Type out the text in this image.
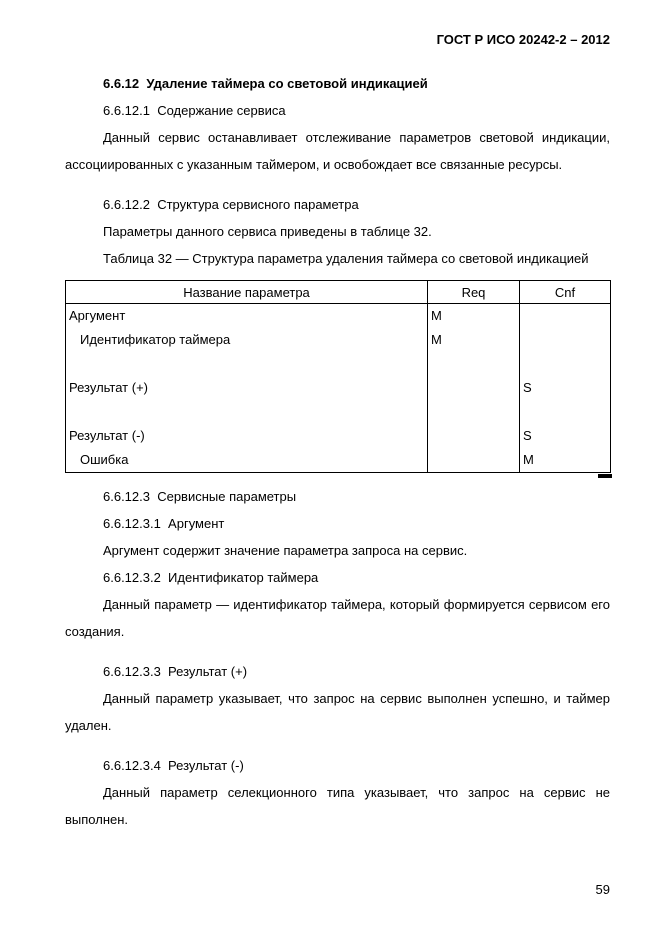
ГОСТ Р ИСО 20242-2 – 2012

6.6.12  Удаление таймера со световой индикацией

6.6.12.1  Содержание сервиса

Данный сервис останавливает отслеживание параметров световой индикации, ассоциированных с указанным таймером, и освобождает все связанные ресурсы.

6.6.12.2  Структура сервисного параметра

Параметры данного сервиса приведены в таблице 32.

Таблица 32 — Структура параметра удаления таймера со световой индикацией

Название параметра	Req	Cnf
Аргумент	M	
Идентификатор таймера	M	

Результат (+)		S

Результат (-)		S
Ошибка		M

6.6.12.3  Сервисные параметры

6.6.12.3.1  Аргумент

Аргумент содержит значение параметра запроса на сервис.

6.6.12.3.2  Идентификатор таймера

Данный параметр — идентификатор таймера, который формируется сервисом его создания.

6.6.12.3.3  Результат (+)

Данный параметр указывает, что запрос на сервис выполнен успешно, и таймер удален.

6.6.12.3.4  Результат (-)

Данный параметр селекционного типа указывает, что запрос на сервис не выполнен.

59
